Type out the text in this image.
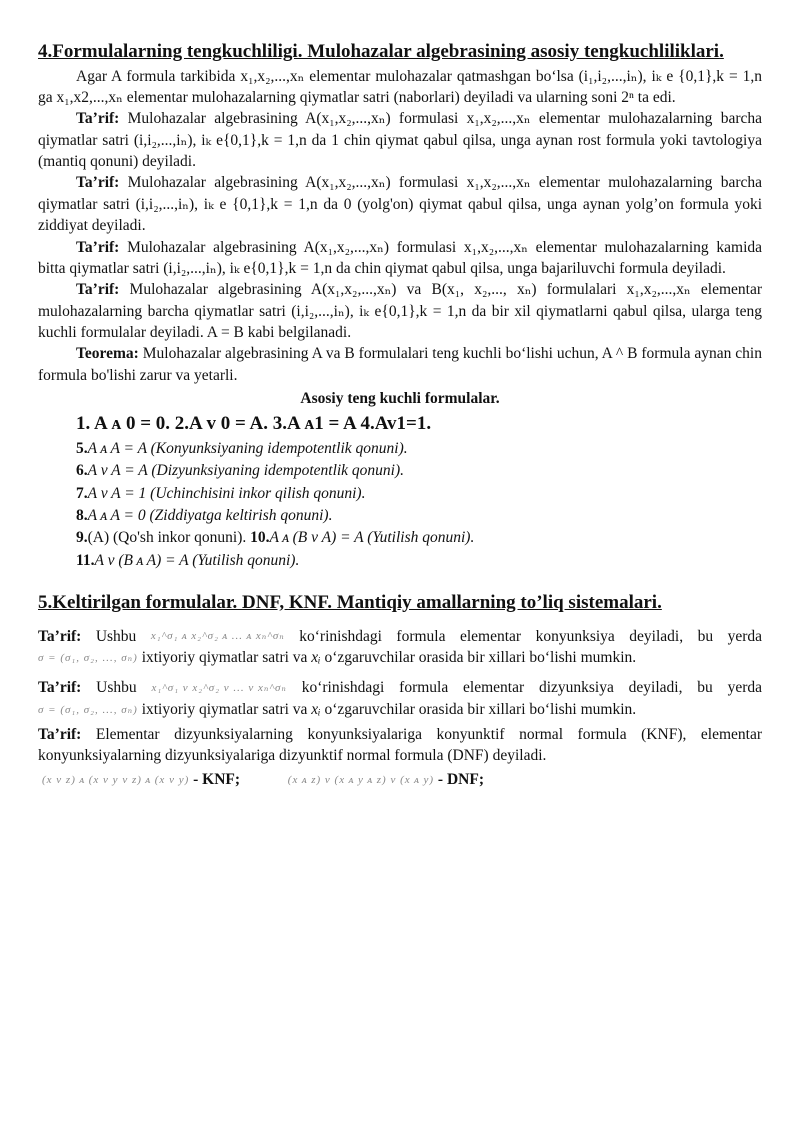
4.Formulalarning tengkuchliligi. Mulohazalar algebrasining asosiy tengkuchliliklari.

Agar A formula tarkibida x₁,x₂,...,xₙ elementar mulohazalar qatmashgan bo‘lsa (i₁,i₂,...,iₙ), iₖ e {0,1},k = 1,n ga x₁,x2,...,xₙ elementar mulohazalarning qiymatlar satri (naborlari) deyiladi va ularning soni 2ⁿ ta edi.

Ta’rif: Mulohazalar algebrasining A(x₁,x₂,...,xₙ) formulasi x₁,x₂,...,xₙ elementar mulohazalarning barcha qiymatlar satri (i,i₂,...,iₙ), iₖ e{0,1},k = 1,n da 1 chin qiymat qabul qilsa, unga aynan rost formula yoki tavtologiya (mantiq qonuni) deyiladi.

Ta’rif: Mulohazalar algebrasining A(x₁,x₂,...,xₙ) formulasi x₁,x₂,...,xₙ elementar mulohazalarning barcha qiymatlar satri (i,i₂,...,iₙ), iₖ e {0,1},k = 1,n da 0 (yolg'on) qiymat qabul qilsa, unga aynan yolg’on formula yoki ziddiyat deyiladi.

Ta’rif: Mulohazalar algebrasining A(x₁,x₂,...,xₙ) formulasi x₁,x₂,...,xₙ elementar mulohazalarning kamida bitta qiymatlar satri (i,i₂,...,iₙ), iₖ e{0,1},k = 1,n da chin qiymat qabul qilsa, unga bajariluvchi formula deyiladi.

Ta’rif: Mulohazalar algebrasining A(x₁,x₂,...,xₙ) va B(x₁, x₂,..., xₙ) formulalari x₁,x₂,...,xₙ elementar mulohazalarning barcha qiymatlar satri (i,i₂,...,iₙ), iₖ e{0,1},k = 1,n da bir xil qiymatlarni qabul qilsa, ularga teng kuchli formulalar deyiladi. A = B kabi belgilanadi.

Teorema: Mulohazalar algebrasining A va B formulalari teng kuchli bo‘lishi uchun, A ^ B formula aynan chin formula bo'lishi zarur va yetarli.

Asosiy teng kuchli formulalar.

1. A ᴀ 0 = 0. 2.A v 0 = A. 3.A ᴀ1 = A 4.Av1=1.

5.A ᴀ A = A (Konyunksiyaning idempotentlik qonuni).

6.A v A = A (Dizyunksiyaning idempotentlik qonuni).

7.A v A = 1 (Uchinchisini inkor qilish qonuni).

8.A ᴀ A = 0 (Ziddiyatga keltirish qonuni).

9.(A) (Qo'sh inkor qonuni). 10.A ᴀ (B v A) = A (Yutilish qonuni).

11.A v (B ᴀ A) = A (Yutilish qonuni).

5.Keltirilgan formulalar. DNF, KNF. Mantiqiy amallarning to’liq sistemalari.

Ta’rif: Ushbu x₁^σ₁ ᴀ x₂^σ₂ ᴀ ... ᴀ xₙ^σₙ ko‘rinishdagi formula elementar konyunksiya deyiladi, bu yerda σ = (σ₁, σ₂, ..., σₙ) ixtiyoriy qiymatlar satri va xᵢ o‘zgaruvchilar orasida bir xillari bo‘lishi mumkin.

Ta’rif: Ushbu x₁^σ₁ v x₂^σ₂ v ... v xₙ^σₙ ko‘rinishdagi formula elementar dizyunksiya deyiladi, bu yerda σ = (σ₁, σ₂, ..., σₙ) ixtiyoriy qiymatlar satri va xᵢ o‘zgaruvchilar orasida bir xillari bo‘lishi mumkin.

Ta’rif: Elementar dizyunksiyalarning konyunksiyalariga konyunktif normal formula (KNF), elementar konyunksiyalarning dizyunksiyalariga dizyunktif normal formula (DNF) deyiladi.

(x v z) ᴀ (x v y v z) ᴀ (x v y) - KNF;	(x ᴀ z) v (x ᴀ y ᴀ z) v (x ᴀ y) - DNF;
